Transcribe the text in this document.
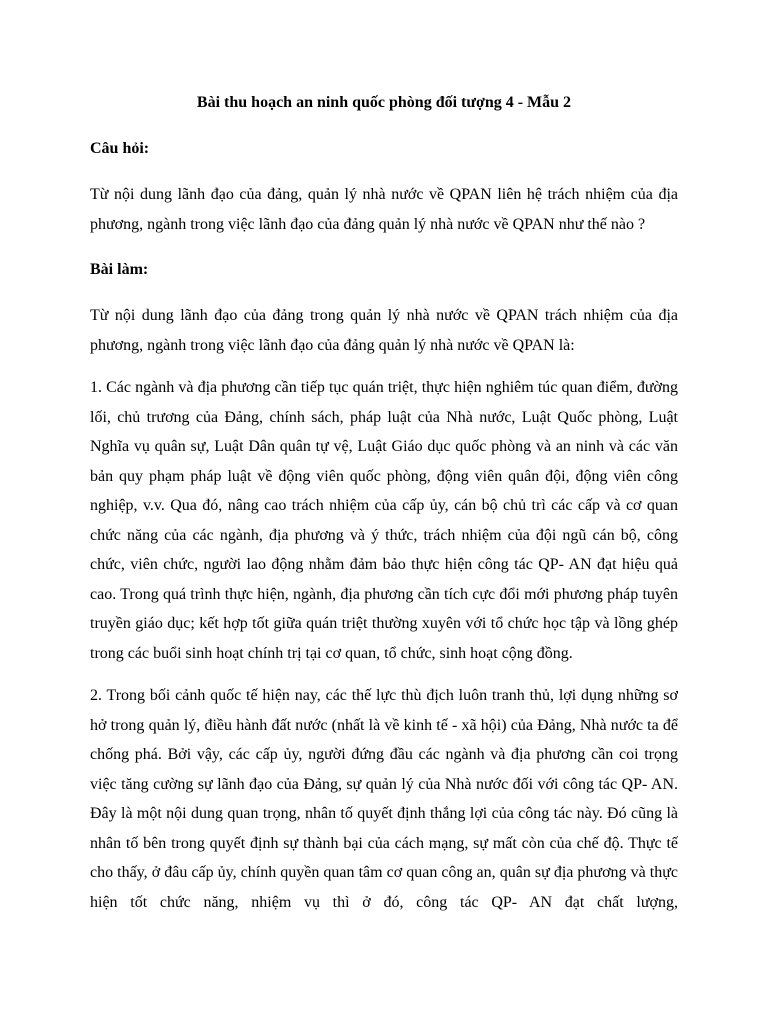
Bài thu hoạch an ninh quốc phòng đối tượng 4 - Mẫu 2
Câu hỏi:

Từ nội dung lãnh đạo của đảng, quản lý nhà nước về QPAN liên hệ trách nhiệm của địa phương, ngành trong việc lãnh đạo của đảng quản lý nhà nước về QPAN như thế nào ?

Bài làm:

Từ nội dung lãnh đạo của đảng trong quản lý nhà nước về QPAN trách nhiệm của địa phương, ngành trong việc lãnh đạo của đảng quản lý nhà nước về QPAN là:

1. Các ngành và địa phương cần tiếp tục quán triệt, thực hiện nghiêm túc quan điểm, đường lối, chủ trương của Đảng, chính sách, pháp luật của Nhà nước, Luật Quốc phòng, Luật Nghĩa vụ quân sự, Luật Dân quân tự vệ, Luật Giáo dục quốc phòng và an ninh và các văn bản quy phạm pháp luật về động viên quốc phòng, động viên quân đội, động viên công nghiệp, v.v. Qua đó, nâng cao trách nhiệm của cấp ủy, cán bộ chủ trì các cấp và cơ quan chức năng của các ngành, địa phương và ý thức, trách nhiệm của đội ngũ cán bộ, công chức, viên chức, người lao động nhằm đảm bảo thực hiện công tác QP- AN đạt hiệu quả cao. Trong quá trình thực hiện, ngành, địa phương cần tích cực đổi mới phương pháp tuyên truyền giáo dục; kết hợp tốt giữa quán triệt thường xuyên với tổ chức học tập và lồng ghép trong các buổi sinh hoạt chính trị tại cơ quan, tổ chức, sinh hoạt cộng đồng.

2. Trong bối cảnh quốc tế hiện nay, các thế lực thù địch luôn tranh thủ, lợi dụng những sơ hở trong quản lý, điều hành đất nước (nhất là về kinh tế - xã hội) của Đảng, Nhà nước ta để chống phá. Bởi vậy, các cấp ủy, người đứng đầu các ngành và địa phương cần coi trọng việc tăng cường sự lãnh đạo của Đảng, sự quản lý của Nhà nước đối với công tác QP- AN. Đây là một nội dung quan trọng, nhân tố quyết định thắng lợi của công tác này. Đó cũng là nhân tố bên trong quyết định sự thành bại của cách mạng, sự mất còn của chế độ. Thực tế cho thấy, ở đâu cấp ủy, chính quyền quan tâm cơ quan công an, quân sự địa phương và thực hiện tốt chức năng, nhiệm vụ thì ở đó, công tác QP- AN đạt chất lượng,
